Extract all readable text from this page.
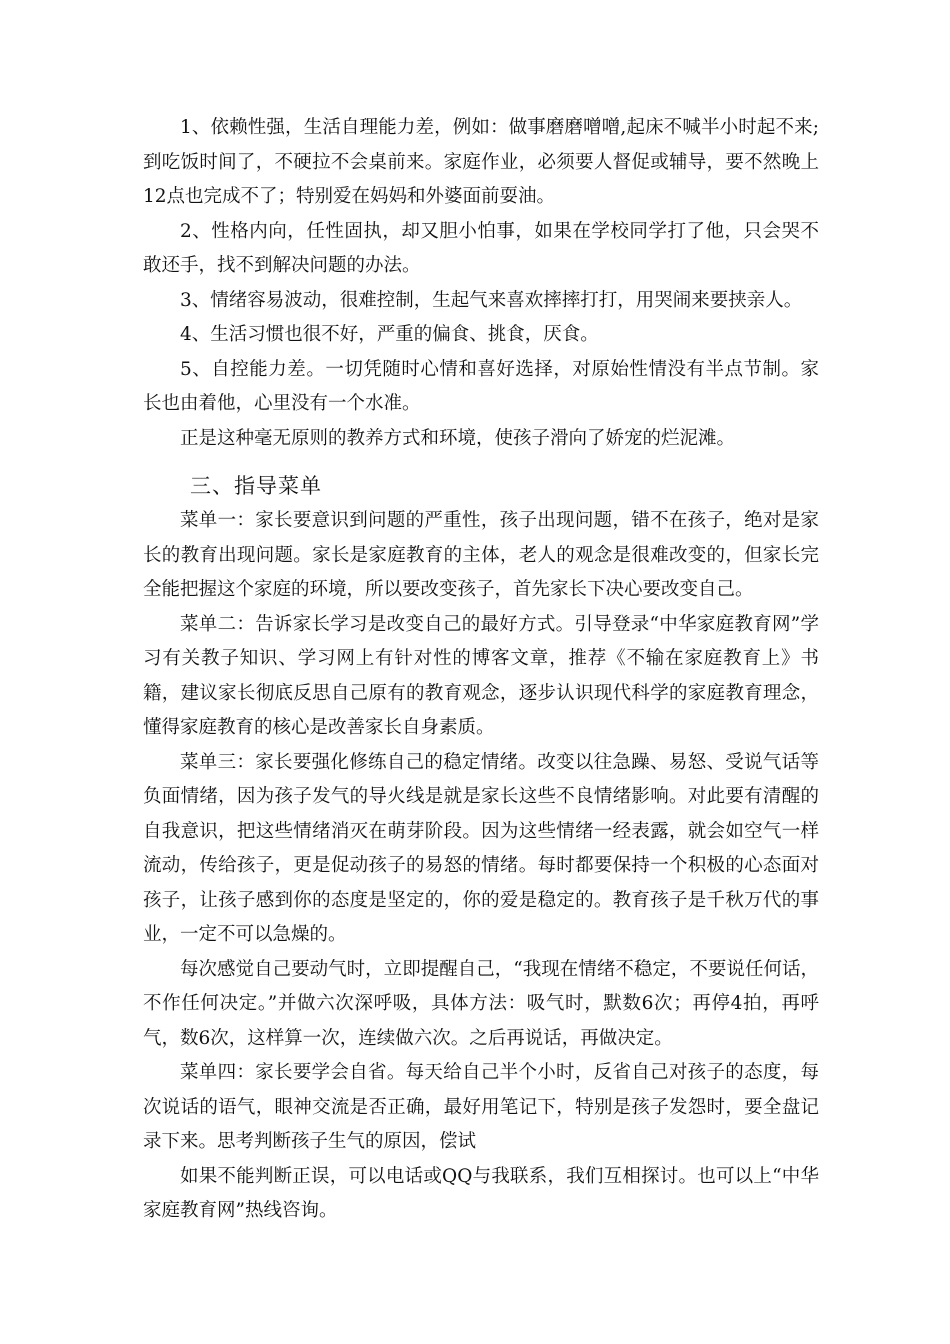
1、依赖性强，生活自理能力差，例如：做事磨磨噌噌,起床不喊半小时起不来;到吃饭时间了，不硬拉不会桌前来。家庭作业，必须要人督促或辅导，要不然晚上12点也完成不了；特别爱在妈妈和外婆面前耍油。

2、性格内向，任性固执，却又胆小怕事，如果在学校同学打了他，只会哭不敢还手，找不到解决问题的办法。

3、情绪容易波动，很难控制，生起气来喜欢摔摔打打，用哭闹来要挟亲人。

4、生活习惯也很不好，严重的偏食、挑食，厌食。

5、自控能力差。一切凭随时心情和喜好选择，对原始性情没有半点节制。家长也由着他，心里没有一个水准。

正是这种毫无原则的教养方式和环境，使孩子滑向了娇宠的烂泥滩。

三、指导菜单

菜单一：家长要意识到问题的严重性，孩子出现问题，错不在孩子，绝对是家长的教育出现问题。家长是家庭教育的主体，老人的观念是很难改变的，但家长完全能把握这个家庭的环境，所以要改变孩子，首先家长下决心要改变自己。

菜单二：告诉家长学习是改变自己的最好方式。引导登录“中华家庭教育网”学习有关教子知识、学习网上有针对性的博客文章，推荐《不输在家庭教育上》书籍，建议家长彻底反思自己原有的教育观念，逐步认识现代科学的家庭教育理念，懂得家庭教育的核心是改善家长自身素质。

菜单三：家长要强化修练自己的稳定情绪。改变以往急躁、易怒、受说气话等负面情绪，因为孩子发气的导火线是就是家长这些不良情绪影响。对此要有清醒的自我意识，把这些情绪消灭在萌芽阶段。因为这些情绪一经表露，就会如空气一样流动，传给孩子，更是促动孩子的易怒的情绪。每时都要保持一个积极的心态面对孩子，让孩子感到你的态度是坚定的，你的爱是稳定的。教育孩子是千秋万代的事业，一定不可以急燥的。

每次感觉自己要动气时，立即提醒自己，“我现在情绪不稳定，不要说任何话，不作任何决定。”并做六次深呼吸，具体方法：吸气时，默数6次；再停4拍，再呼气，数6次，这样算一次，连续做六次。之后再说话，再做决定。

菜单四：家长要学会自省。每天给自己半个小时，反省自己对孩子的态度，每次说话的语气，眼神交流是否正确，最好用笔记下，特别是孩子发怨时，要全盘记录下来。思考判断孩子生气的原因，偿试

如果不能判断正误，可以电话或QQ与我联系，我们互相探讨。也可以上“中华家庭教育网”热线咨询。
